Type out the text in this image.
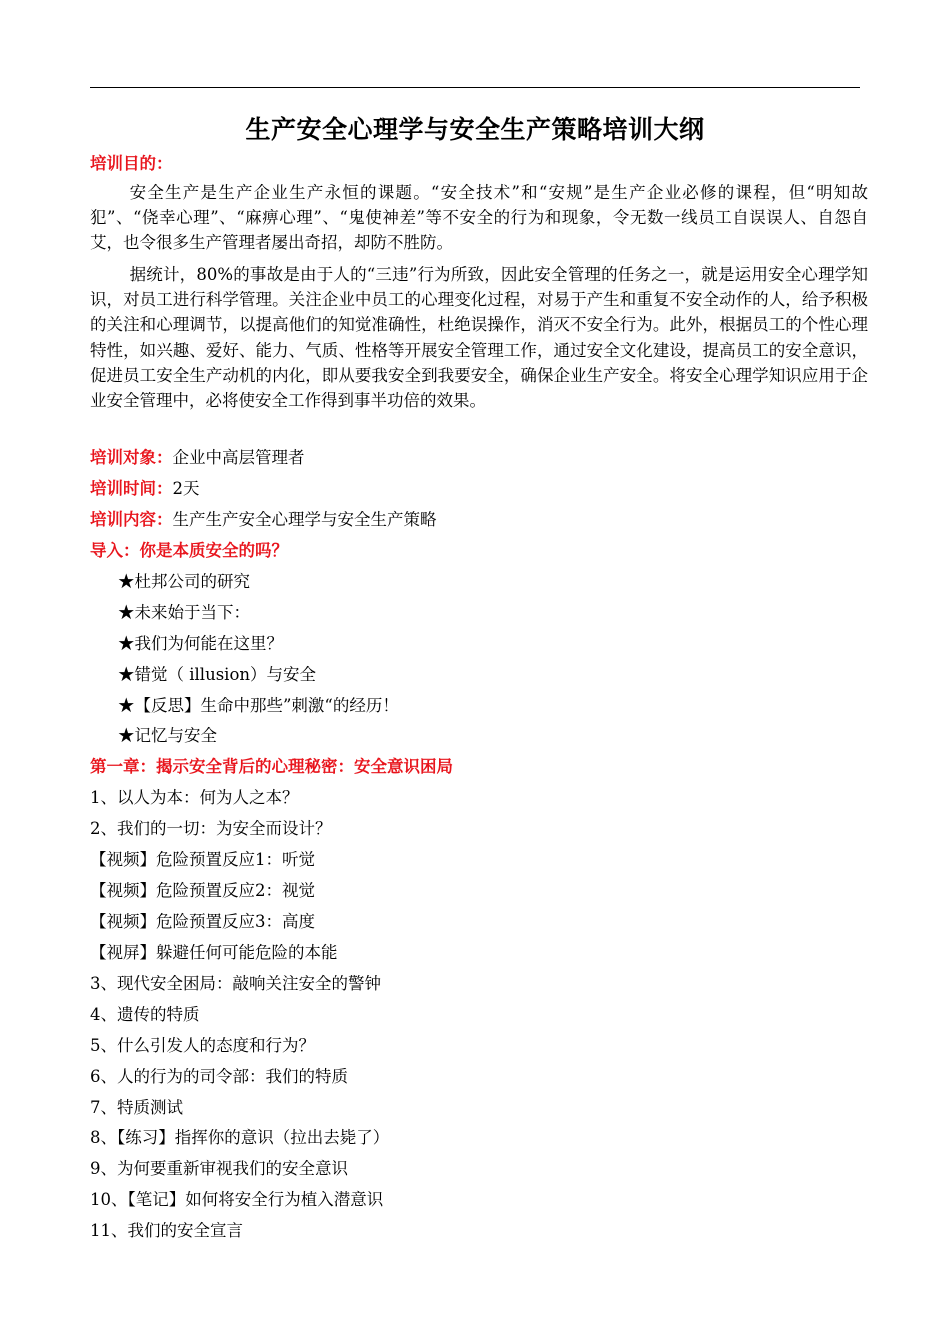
生产安全心理学与安全生产策略培训大纲
培训目的：

安全生产是生产企业生产永恒的课题。“安全技术”和“安规”是生产企业必修的课程，但“明知故犯”、“侥幸心理”、“麻痹心理”、“鬼使神差”等不安全的行为和现象，令无数一线员工自误误人、自怨自艾，也令很多生产管理者屡出奇招，却防不胜防。

据统计，80%的事故是由于人的“三违”行为所致，因此安全管理的任务之一，就是运用安全心理学知识，对员工进行科学管理。关注企业中员工的心理变化过程，对易于产生和重复不安全动作的人，给予积极的关注和心理调节，以提高他们的知觉准确性，杜绝误操作，消灭不安全行为。此外，根据员工的个性心理特性，如兴趣、爱好、能力、气质、性格等开展安全管理工作，通过安全文化建设，提高员工的安全意识，促进员工安全生产动机的内化，即从要我安全到我要安全，确保企业生产安全。将安全心理学知识应用于企业安全管理中，必将使安全工作得到事半功倍的效果。

培训对象：企业中高层管理者
培训时间：2天
培训内容：生产生产安全心理学与安全生产策略
导入：你是本质安全的吗？
★杜邦公司的研究
★未来始于当下：
★我们为何能在这里？
★错觉（ illusion）与安全
★【反思】生命中那些”刺激“的经历！
★记忆与安全
第一章：揭示安全背后的心理秘密：安全意识困局
1、以人为本：何为人之本？
2、我们的一切：为安全而设计？
【视频】危险预置反应1：听觉
【视频】危险预置反应2：视觉
【视频】危险预置反应3：高度
【视屏】躲避任何可能危险的本能
3、现代安全困局：敲响关注安全的警钟
4、遗传的特质
5、什么引发人的态度和行为？
6、人的行为的司令部：我们的特质
7、特质测试
8、【练习】指挥你的意识（拉出去毙了）
9、为何要重新审视我们的安全意识
10、【笔记】如何将安全行为植入潜意识
11、我们的安全宣言
